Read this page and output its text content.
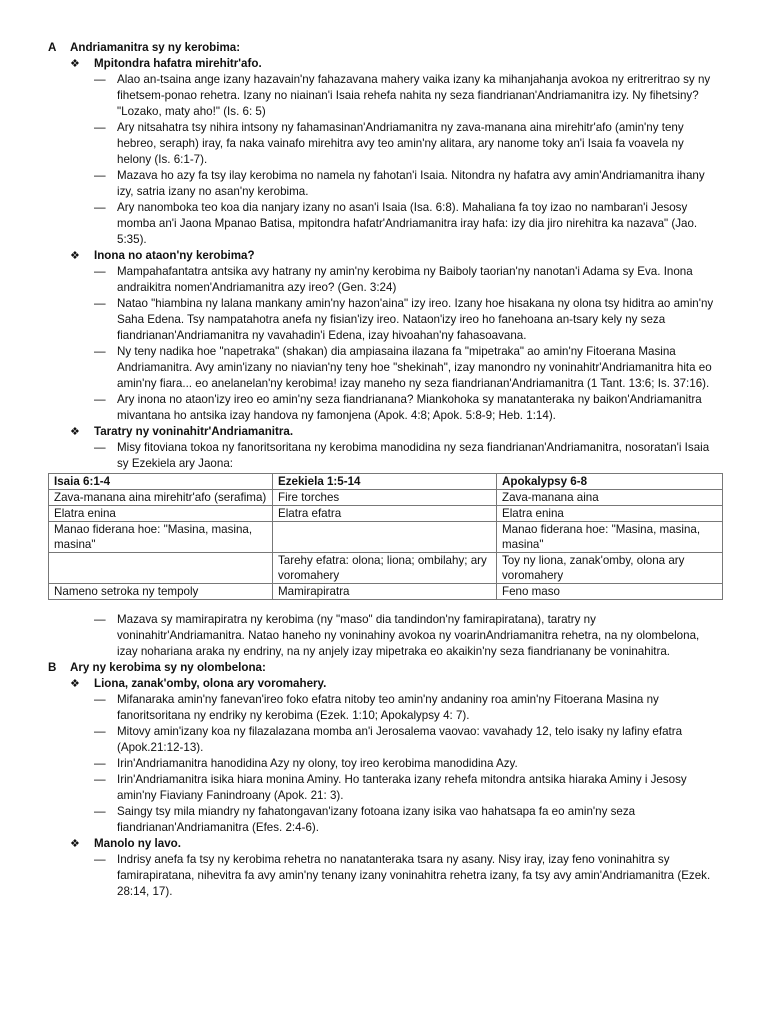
A Andriamanitra sy ny kerobima:
❖ Mpitondra hafatra mirehitr'afo.
— Alao an-tsaina ange izany hazavain'ny fahazavana mahery vaika izany ka mihanjahanja avokoa ny eritreritrao sy ny fihetsem-ponao rehetra. Izany no niainan'i Isaia rehefa nahita ny seza fiandrianan'Andriamanitra izy. Ny fihetsiny? "Lozako, maty aho!" (Is. 6: 5)

— Ary nitsahatra tsy nihira intsony ny fahamasinan'Andriamanitra ny zava-manana aina mirehitr'afo (amin'ny teny hebreo, seraph) iray, fa naka vainafo mirehitra avy teo amin'ny alitara, ary nanome toky an'i Isaia fa voavela ny helony (Is. 6:1-7).

— Mazava ho azy fa tsy ilay kerobima no namela ny fahotan'i Isaia. Nitondra ny hafatra avy amin'Andriamanitra ihany izy, satria izany no asan'ny kerobima.

— Ary nanomboka teo koa dia nanjary izany no asan'i Isaia (Isa. 6:8). Mahaliana fa toy izao no nambaran'i Jesosy momba an'i Jaona Mpanao Batisa, mpitondra hafatr'Andriamanitra iray hafa: izy dia jiro nirehitra ka nazava" (Jao. 5:35).

❖ Inona no ataon'ny kerobima?
— Mampahafantatra antsika avy hatrany ny amin'ny kerobima ny Baiboly taorian'ny nanotan'i Adama sy Eva. Inona andraikitra nomen'Andriamanitra azy ireo? (Gen. 3:24)

— Natao "hiambina ny lalana mankany amin'ny hazon'aina" izy ireo. Izany hoe hisakana ny olona tsy hiditra ao amin'ny Saha Edena. Tsy nampatahotra anefa ny fisian'izy ireo. Nataon'izy ireo ho fanehoana an-tsary kely ny seza fiandrianan'Andriamanitra ny vavahadin'i Edena, izay hivoahan'ny fahasoavana.

— Ny teny nadika hoe "napetraka" (shakan) dia ampiasaina ilazana fa "mipetraka" ao amin'ny Fitoerana Masina Andriamanitra. Avy amin'izany no niavian'ny teny hoe "shekinah", izay manondro ny voninahitr'Andriamanitra hita eo amin'ny fiara... eo anelanelan'ny kerobima! izay maneho ny seza fiandrianan'Andriamanitra (1 Tant. 13:6; Is. 37:16).

— Ary inona no ataon'izy ireo eo amin'ny seza fiandrianana? Miankohoka sy manatanteraka ny baikon'Andriamanitra mivantana ho antsika izay handova ny famonjena (Apok. 4:8; Apok. 5:8-9; Heb. 1:14).

❖ Taratry ny voninahitr'Andriamanitra.
— Misy fitoviana tokoa ny fanoritsoritana ny kerobima manodidina ny seza fiandrianan'Andriamanitra, nosoratan'i Isaia sy Ezekiela ary Jaona:

Isaia 6:1-4	Ezekiela 1:5-14	Apokalypsy 6-8
Zava-manana aina mirehitr'afo (serafima)	Fire torches	Zava-manana aina
Elatra enina	Elatra efatra	Elatra enina
Manao fiderana hoe: "Masina, masina, masina"		Manao fiderana hoe: "Masina, masina, masina"
	Tarehy efatra: olona; liona; ombilahy; ary voromahery	Toy ny liona, zanak'omby, olona ary voromahery
Nameno setroka ny tempoly	Mamirapiratra	Feno maso
— Mazava sy mamirapiratra ny kerobima (ny "maso" dia tandindon'ny famirapiratana), taratry ny voninahitr'Andriamanitra. Natao haneho ny voninahiny avokoa ny voarinAndriamanitra rehetra, na ny olombelona, izay nohariana araka ny endriny, na ny anjely izay mipetraka eo akaikin'ny seza fiandrianany be voninahitra.

B Ary ny kerobima sy ny olombelona:
❖ Liona, zanak'omby, olona ary voromahery.
— Mifanaraka amin'ny fanevan'ireo foko efatra nitoby teo amin'ny andaniny roa amin'ny Fitoerana Masina ny fanoritsoritana ny endriky ny kerobima (Ezek. 1:10; Apokalypsy 4: 7).

— Mitovy amin'izany koa ny filazalazana momba an'i Jerosalema vaovao: vavahady 12, telo isaky ny lafiny efatra (Apok.21:12-13).

— Irin'Andriamanitra hanodidina Azy ny olony, toy ireo kerobima manodidina Azy.

— Irin'Andriamanitra isika hiara monina Aminy. Ho tanteraka izany rehefa mitondra antsika hiaraka Aminy i Jesosy amin'ny Fiaviany Fanindroany (Apok. 21: 3).

— Saingy tsy mila miandry ny fahatongavan'izany fotoana izany isika vao hahatsapa fa eo amin'ny seza fiandrianan'Andriamanitra (Efes. 2:4-6).

❖ Manolo ny lavo.
— Indrisy anefa fa tsy ny kerobima rehetra no nanatanteraka tsara ny asany. Nisy iray, izay feno voninahitra sy famirapiratana, nihevitra fa avy amin'ny tenany izany voninahitra rehetra izany, fa tsy avy amin'Andriamanitra (Ezek. 28:14, 17).
